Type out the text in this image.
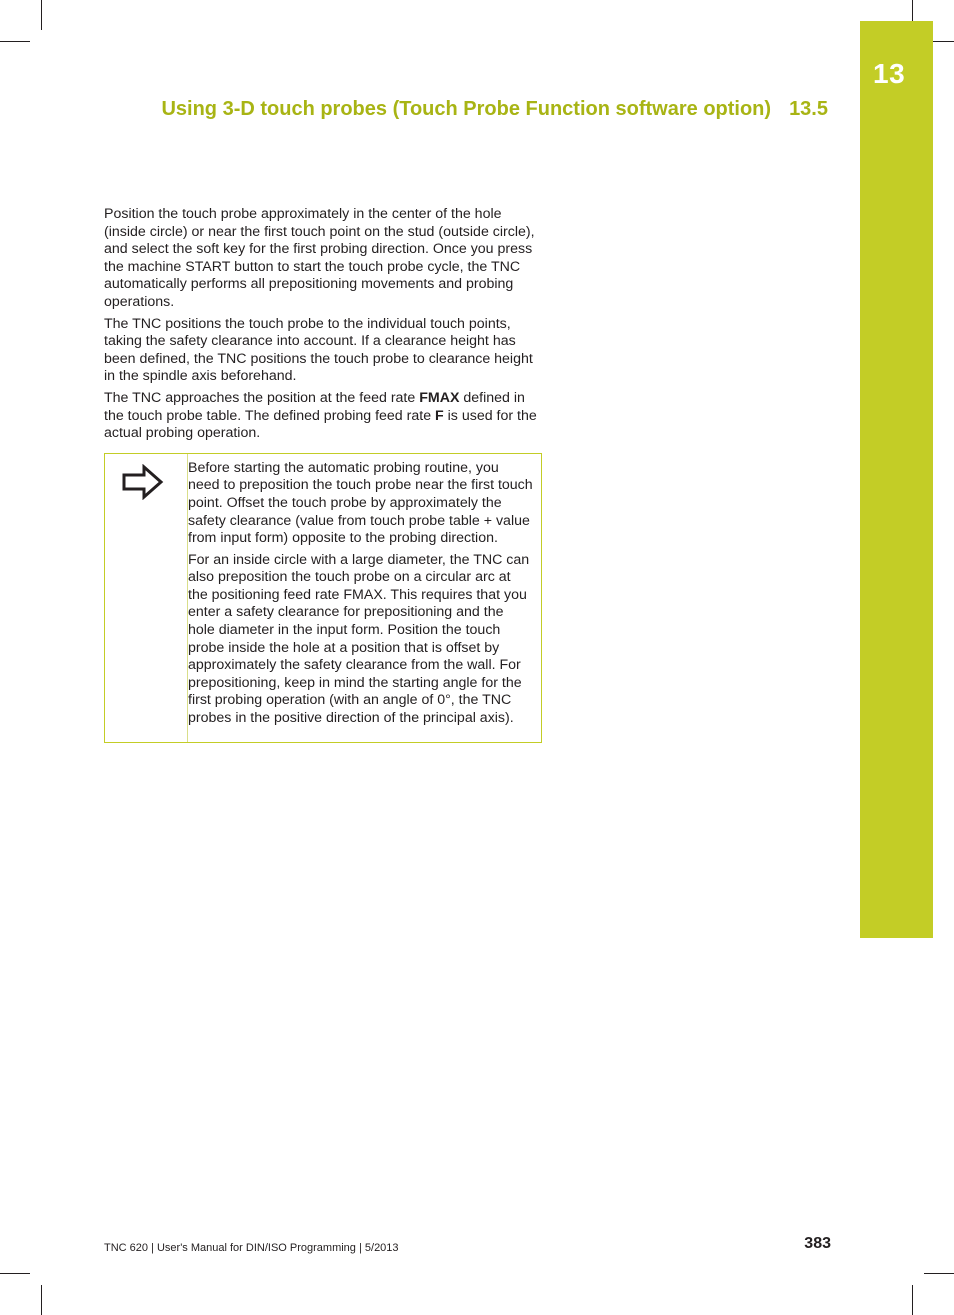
13
Using 3-D touch probes (Touch Probe Function software option) 13.5

Position the touch probe approximately in the center of the hole (inside circle) or near the first touch point on the stud (outside circle), and select the soft key for the first probing direction. Once you press the machine START button to start the touch probe cycle, the TNC automatically performs all prepositioning movements and probing operations.

The TNC positions the touch probe to the individual touch points, taking the safety clearance into account. If a clearance height has been defined, the TNC positions the touch probe to clearance height in the spindle axis beforehand.

The TNC approaches the position at the feed rate FMAX defined in the touch probe table. The defined probing feed rate F is used for the actual probing operation.

Before starting the automatic probing routine, you need to preposition the touch probe near the first touch point. Offset the touch probe by approximately the safety clearance (value from touch probe table + value from input form) opposite to the probing direction.

For an inside circle with a large diameter, the TNC can also preposition the touch probe on a circular arc at the positioning feed rate FMAX. This requires that you enter a safety clearance for prepositioning and the hole diameter in the input form. Position the touch probe inside the hole at a position that is offset by approximately the safety clearance from the wall. For prepositioning, keep in mind the starting angle for the first probing operation (with an angle of 0°, the TNC probes in the positive direction of the principal axis).

TNC 620 | User's Manual for DIN/ISO Programming | 5/2013	383
